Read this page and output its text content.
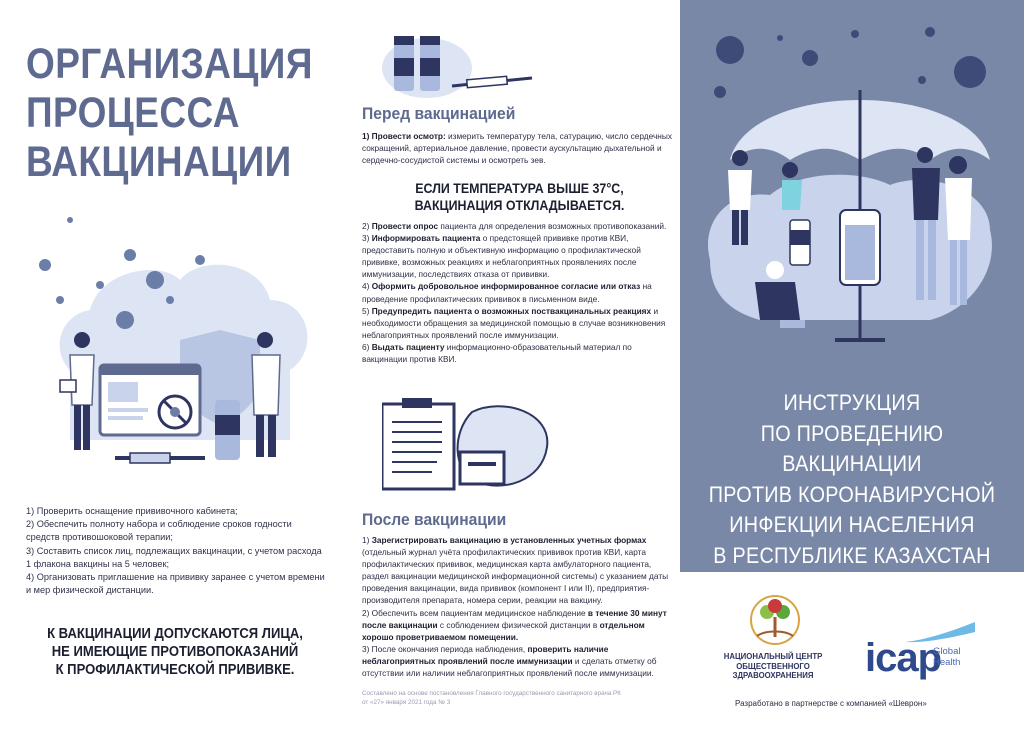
ОРГАНИЗАЦИЯ
ПРОЦЕССА
ВАКЦИНАЦИИ

1) Проверить оснащение прививочного кабинета;

2) Обеспечить полноту набора и соблюдение сроков годности средств противошоковой терапии;

3) Составить список лиц, подлежащих вакцинации, с учетом расхода 1 флакона вакцины на 5 человек;

4) Организовать приглашение на прививку заранее с учетом времени и мер физической дистанции.

К ВАКЦИНАЦИИ ДОПУСКАЮТСЯ ЛИЦА,
НЕ ИМЕЮЩИЕ ПРОТИВОПОКАЗАНИЙ
К ПРОФИЛАКТИЧЕСКОЙ ПРИВИВКЕ.
Перед вакцинацией

1) Провести осмотр: измерить температуру тела, сатурацию, число сердечных сокращений, артериальное давление, провести аускультацию дыхательной и сердечно-сосудистой системы и осмотреть зев.

ЕСЛИ ТЕМПЕРАТУРА ВЫШЕ 37°С,
ВАКЦИНАЦИЯ ОТКЛАДЫВАЕТСЯ.

2) Провести опрос пациента для определения возможных противопоказаний.

3) Информировать пациента о предстоящей прививке против КВИ, предоставить полную и объективную информацию о профилактической прививке, возможных реакциях и неблагоприятных проявлениях после иммунизации, последствиях отказа от прививки.

4) Оформить добровольное информированное согласие или отказ на проведение профилактических прививок в письменном виде.

5) Предупредить пациента о возможных поствакцинальных реакциях и необходимости обращения за медицинской помощью в случае возникновения неблагоприятных проявлений после иммунизации.

6) Выдать пациенту информационно-образовательный материал по вакцинации против КВИ.

После вакцинации

1) Зарегистрировать вакцинацию в установленных учетных формах (отдельный журнал учёта профилактических прививок против КВИ, карта профилактических прививок, медицинская карта амбулаторного пациента, раздел вакцинации медицинской информационной системы) с указанием даты проведения вакцинации, вида прививок (компонент I или II), предприятия-производителя препарата, номера серии, реакции на вакцину.

2) Обеспечить всем пациентам медицинское наблюдение в течение 30 минут после вакцинации с соблюдением физической дистанции в отдельном хорошо проветриваемом помещении.

3) После окончания периода наблюдения, проверить наличие неблагоприятных проявлений после иммунизации и сделать отметку об отсутствии или наличии неблагоприятных проявлений после иммунизации.

Составлено на основе постановления Главного государственного санитарного врача РК от «27» января 2021 года № 3
ИНСТРУКЦИЯ
ПО ПРОВЕДЕНИЮ ВАКЦИНАЦИИ
ПРОТИВ КОРОНАВИРУСНОЙ
ИНФЕКЦИИ НАСЕЛЕНИЯ
В РЕСПУБЛИКЕ КАЗАХСТАН
НАЦИОНАЛЬНЫЙ ЦЕНТР
ОБЩЕСТВЕННОГО
ЗДРАВООХРАНЕНИЯ	icap
Global
Health
Разработано в партнерстве с компанией «Шеврон»
